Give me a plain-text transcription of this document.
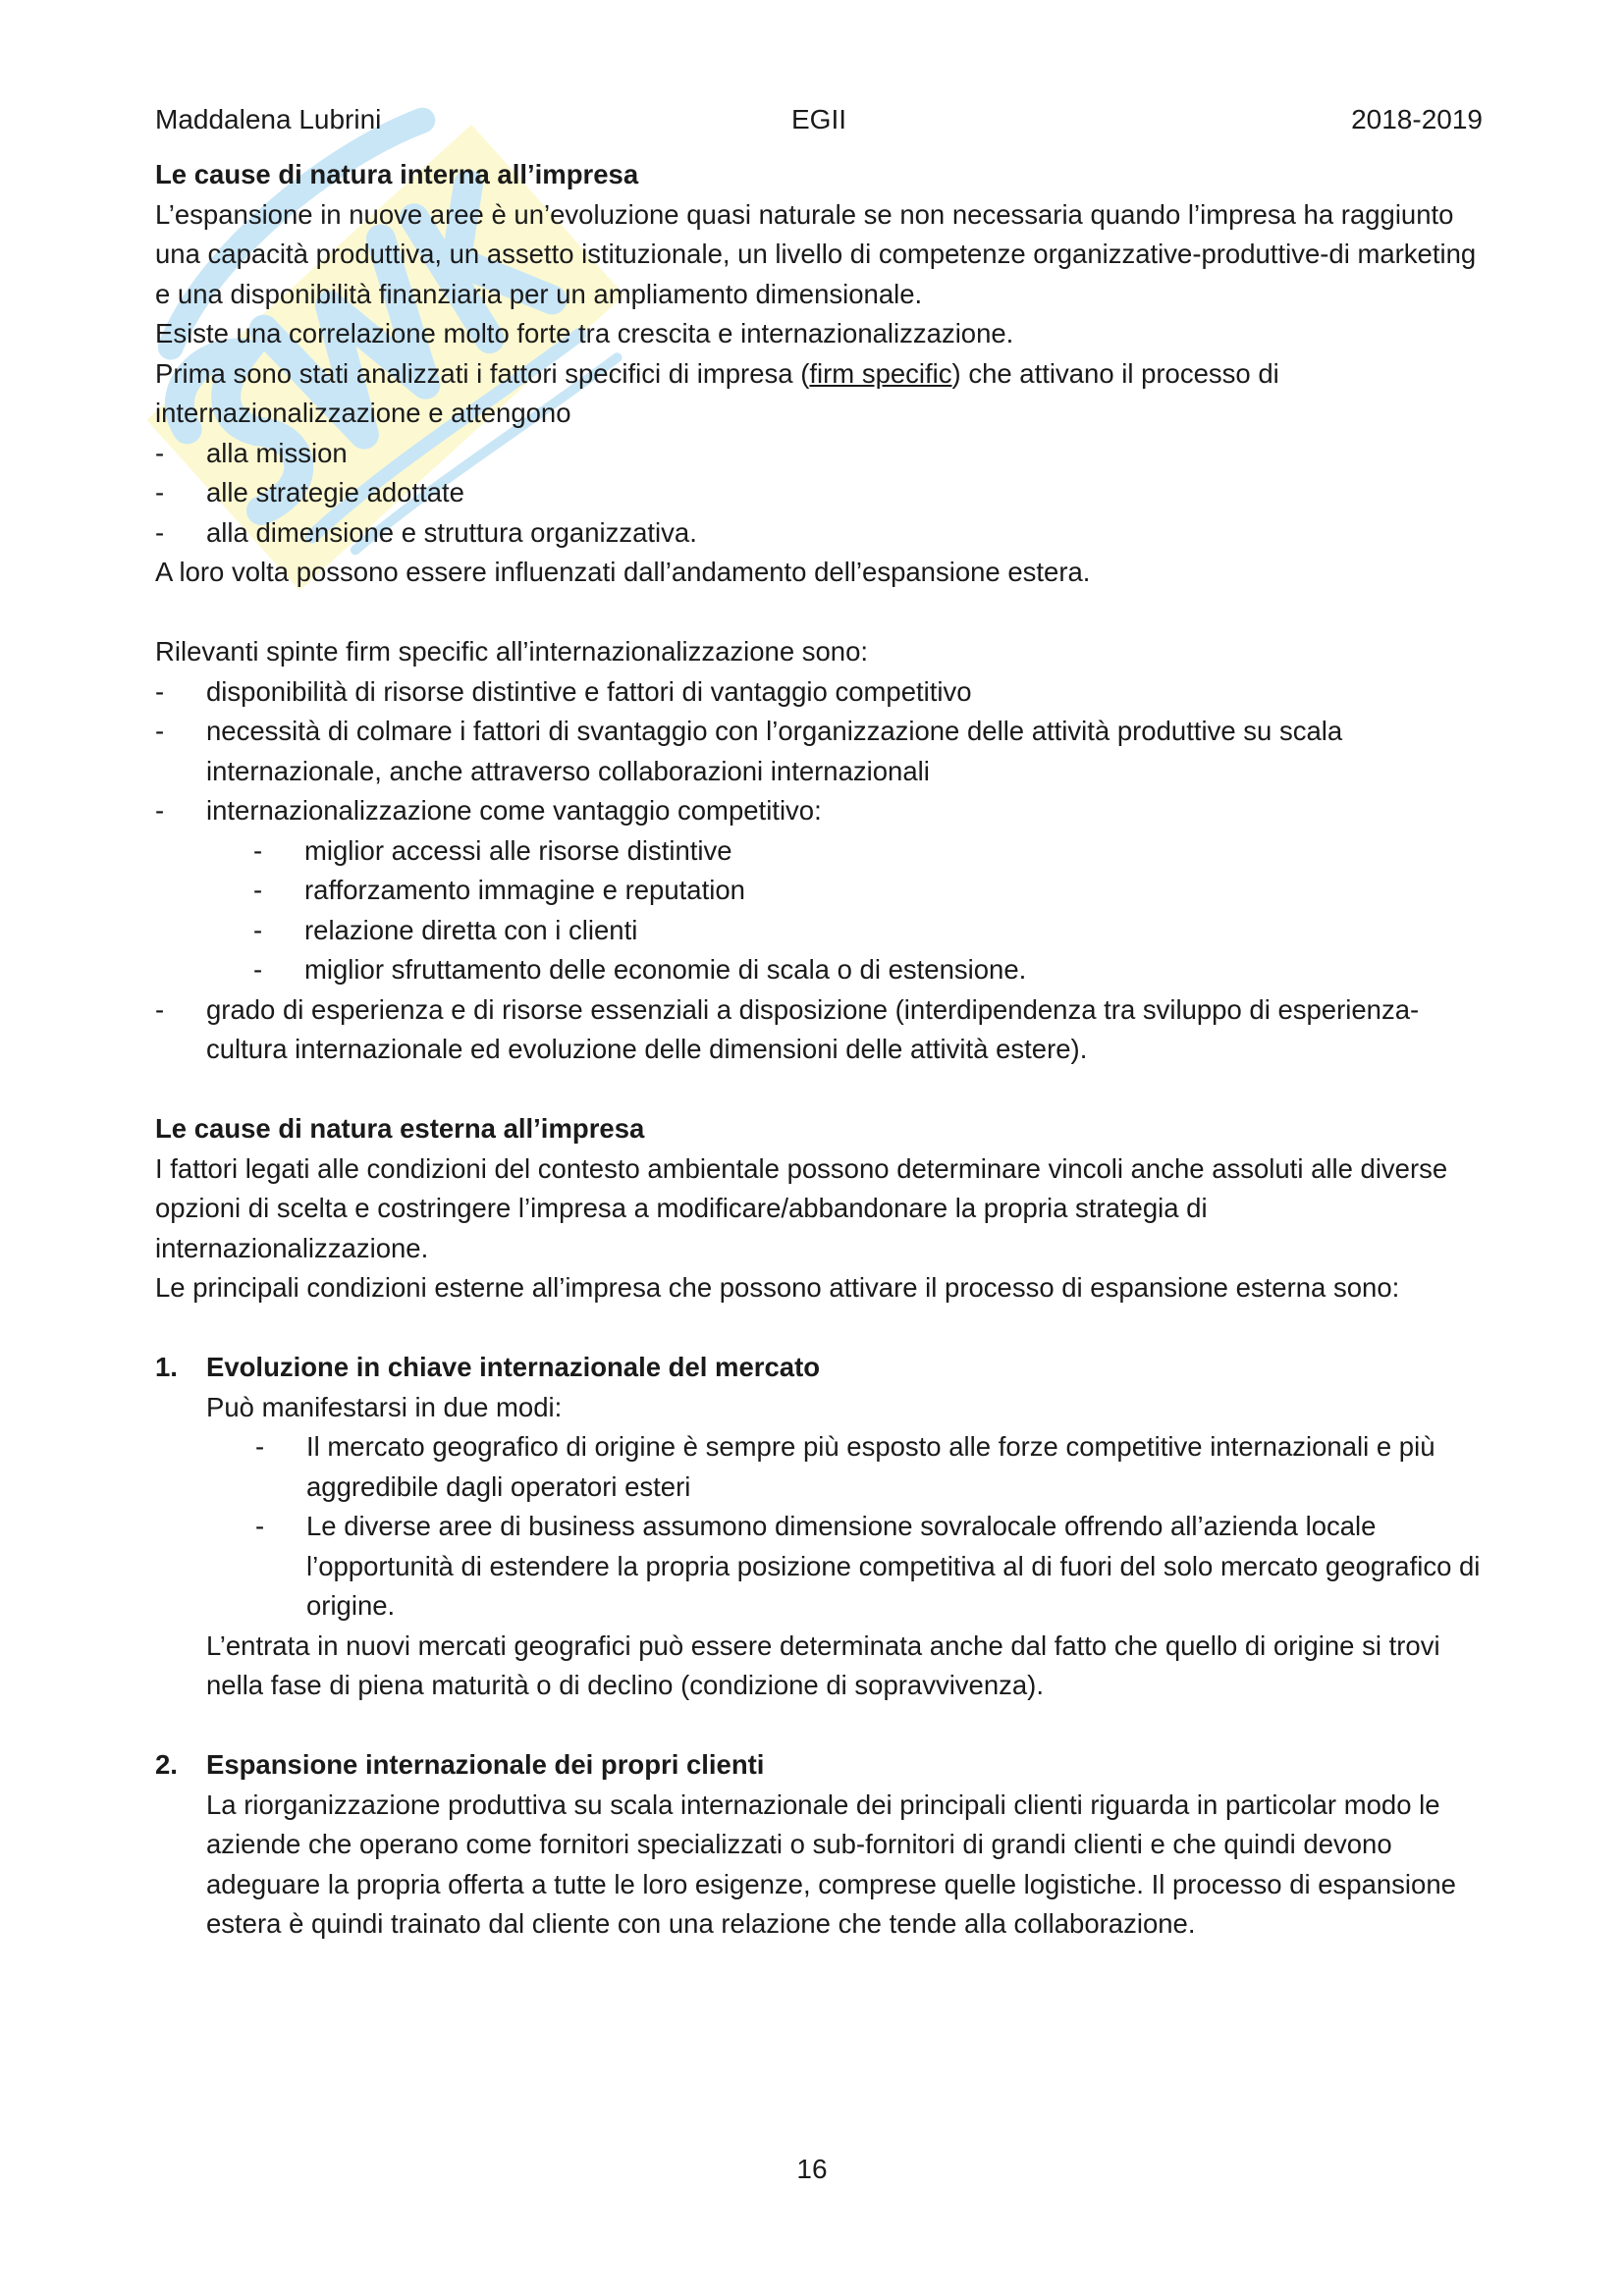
Maddalena Lubrini	EGII	2018-2019
Le cause di natura interna all’impresa

L’espansione in nuove aree è un’evoluzione quasi naturale se non necessaria quando l’impresa ha raggiunto una capacità produttiva, un assetto istituzionale, un livello di competenze organizzative-produttive-di marketing e una disponibilità finanziaria per un ampliamento dimensionale.

Esiste una correlazione molto forte tra crescita e internazionalizzazione.

Prima sono stati analizzati i fattori specifici di impresa (firm specific) che attivano il processo di internazionalizzazione e attengono

- alla mission
- alle strategie adottate
- alla dimensione e struttura organizzativa.

A loro volta possono essere influenzati dall’andamento dell’espansione estera.

Rilevanti spinte firm specific all’internazionalizzazione sono:

- disponibilità di risorse distintive e fattori di vantaggio competitivo
- necessità di colmare i fattori di svantaggio con l’organizzazione delle attività produttive su scala internazionale, anche attraverso collaborazioni internazionali
- internazionalizzazione come vantaggio competitivo:
- miglior accessi alle risorse distintive
- rafforzamento immagine e reputation
- relazione diretta con i clienti
- miglior sfruttamento delle economie di scala o di estensione.
- grado di esperienza e di risorse essenziali a disposizione (interdipendenza tra sviluppo di esperienza-cultura internazionale ed evoluzione delle dimensioni delle attività estere).
Le cause di natura esterna all’impresa

I fattori legati alle condizioni del contesto ambientale possono determinare vincoli anche assoluti alle diverse opzioni di scelta e costringere l’impresa a modificare/abbandonare la propria strategia di internazionalizzazione.

Le principali condizioni esterne all’impresa che possono attivare il processo di espansione esterna sono:

1. Evoluzione in chiave internazionale del mercato

Può manifestarsi in due modi:

- Il mercato geografico di origine è sempre più esposto alle forze competitive internazionali e più aggredibile dagli operatori esteri
- Le diverse aree di business assumono dimensione sovralocale offrendo all’azienda locale l’opportunità di estendere la propria posizione competitiva al di fuori del solo mercato geografico di origine.

L’entrata in nuovi mercati geografici può essere determinata anche dal fatto che quello di origine si trovi nella fase di piena maturità o di declino (condizione di sopravvivenza).

2. Espansione internazionale dei propri clienti

La riorganizzazione produttiva su scala internazionale dei principali clienti riguarda in particolar modo le aziende che operano come fornitori specializzati o sub-fornitori di grandi clienti e che quindi devono adeguare la propria offerta a tutte le loro esigenze, comprese quelle logistiche. Il processo di espansione estera è quindi trainato dal cliente con una relazione che tende alla collaborazione.

16
